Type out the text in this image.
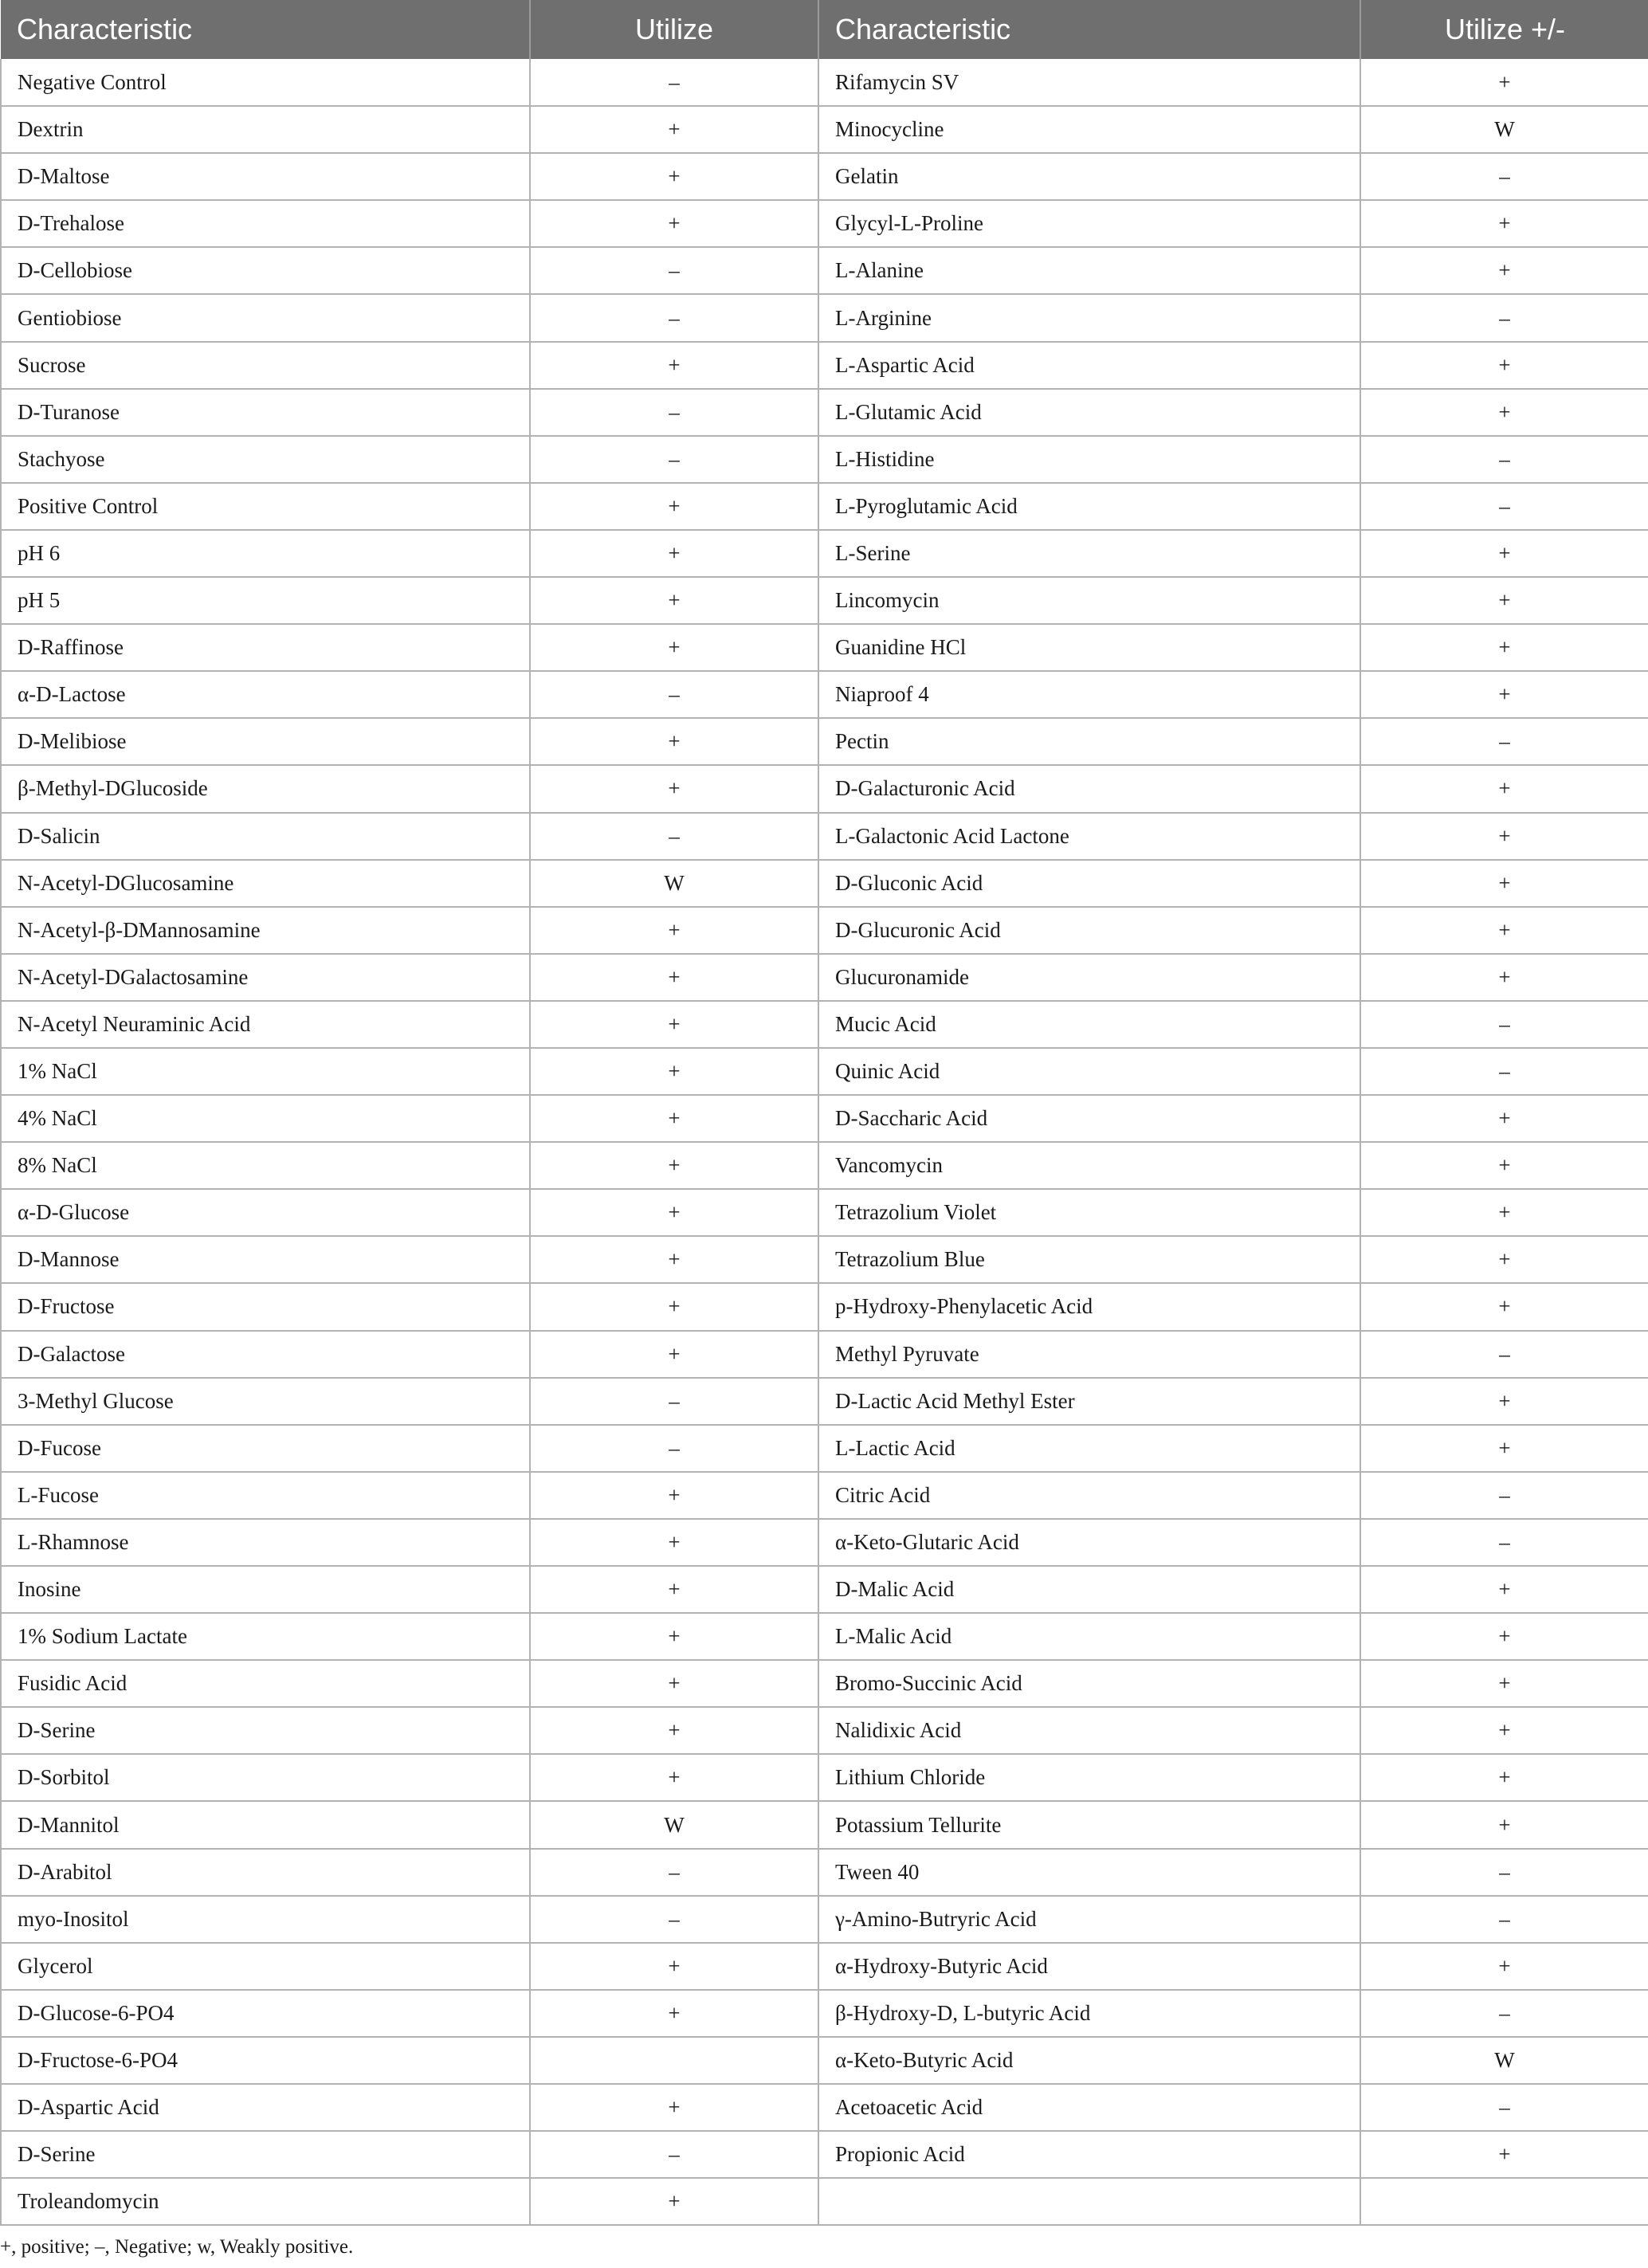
Characteristic	Utilize	Characteristic	Utilize +/-
Negative Control	–	Rifamycin SV	+
Dextrin	+	Minocycline	W
D-Maltose	+	Gelatin	–
D-Trehalose	+	Glycyl-L-Proline	+
D-Cellobiose	–	L-Alanine	+
Gentiobiose	–	L-Arginine	–
Sucrose	+	L-Aspartic Acid	+
D-Turanose	–	L-Glutamic Acid	+
Stachyose	–	L-Histidine	–
Positive Control	+	L-Pyroglutamic Acid	–
pH 6	+	L-Serine	+
pH 5	+	Lincomycin	+
D-Raffinose	+	Guanidine HCl	+
α-D-Lactose	–	Niaproof 4	+
D-Melibiose	+	Pectin	–
β-Methyl-DGlucoside	+	D-Galacturonic Acid	+
D-Salicin	–	L-Galactonic Acid Lactone	+
N-Acetyl-DGlucosamine	W	D-Gluconic Acid	+
N-Acetyl-β-DMannosamine	+	D-Glucuronic Acid	+
N-Acetyl-DGalactosamine	+	Glucuronamide	+
N-Acetyl Neuraminic Acid	+	Mucic Acid	–
1% NaCl	+	Quinic Acid	–
4% NaCl	+	D-Saccharic Acid	+
8% NaCl	+	Vancomycin	+
α-D-Glucose	+	Tetrazolium Violet	+
D-Mannose	+	Tetrazolium Blue	+
D-Fructose	+	p-Hydroxy-Phenylacetic Acid	+
D-Galactose	+	Methyl Pyruvate	–
3-Methyl Glucose	–	D-Lactic Acid Methyl Ester	+
D-Fucose	–	L-Lactic Acid	+
L-Fucose	+	Citric Acid	–
L-Rhamnose	+	α-Keto-Glutaric Acid	–
Inosine	+	D-Malic Acid	+
1% Sodium Lactate	+	L-Malic Acid	+
Fusidic Acid	+	Bromo-Succinic Acid	+
D-Serine	+	Nalidixic Acid	+
D-Sorbitol	+	Lithium Chloride	+
D-Mannitol	W	Potassium Tellurite	+
D-Arabitol	–	Tween 40	–
myo-Inositol	–	γ-Amino-Butryric Acid	–
Glycerol	+	α-Hydroxy-Butyric Acid	+
D-Glucose-6-PO4	+	β-Hydroxy-D, L-butyric Acid	–
D-Fructose-6-PO4		α-Keto-Butyric Acid	W
D-Aspartic Acid	+	Acetoacetic Acid	–
D-Serine	–	Propionic Acid	+
Troleandomycin	+		

+, positive; –, Negative; w, Weakly positive.
